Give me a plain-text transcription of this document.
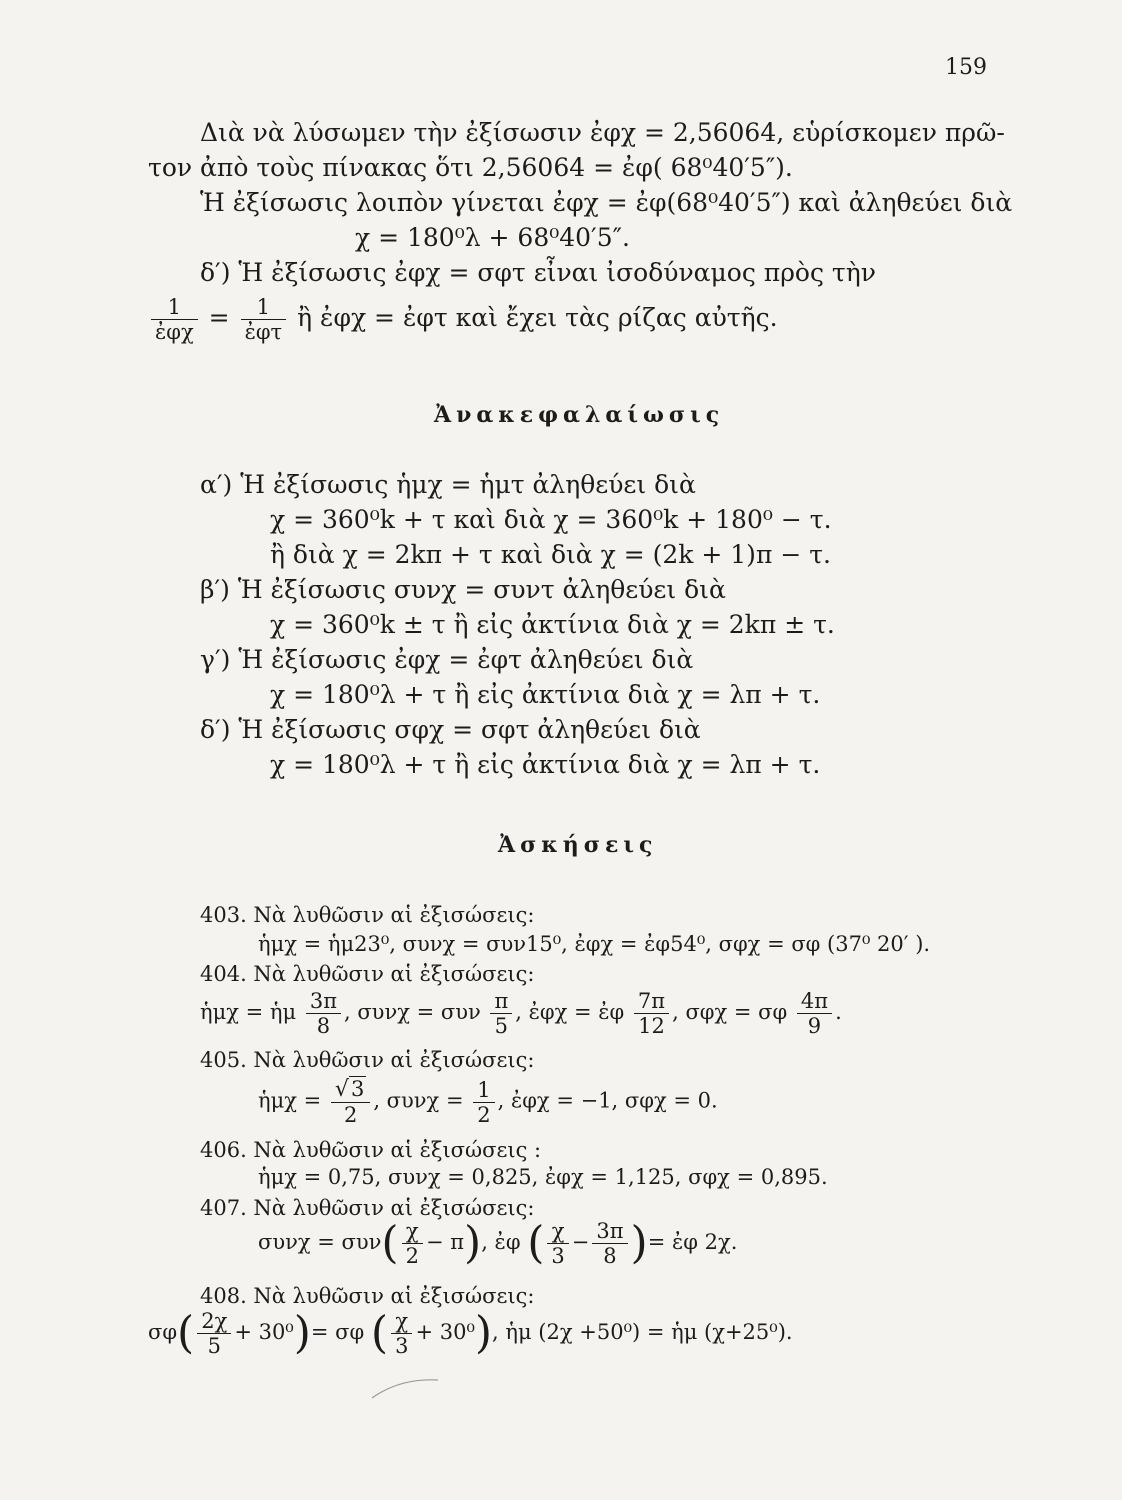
159
Διὰ νὰ λύσωμεν τὴν ἐξίσωσιν ἐφχ = 2,56064, εὑρίσκομεν πρῶ-
τον ἀπὸ τοὺς πίνακας ὅτι 2,56064 = ἐφ( 68⁰40′5″).
Ἡ ἐξίσωσις λοιπὸν γίνεται ἐφχ = ἐφ(68⁰40′5″) καὶ ἀληθεύει διὰ
χ = 180⁰λ + 68⁰40′5″.
δ′) Ἡ ἐξίσωσις ἐφχ = σφτ εἶναι ἰσοδύναμος πρὸς τὴν
$\frac{1}{\text{ἐφχ}} = \frac{1}{\text{ἐφτ}}$ ἢ ἐφχ = ἐφτ καὶ ἔχει τὰς ρίζας αὐτῆς.
Ἀνακεφαλαίωσις
α′) Ἡ ἐξίσωσις ἡμχ = ἡμτ ἀληθεύει διὰ
χ = 360⁰k + τ καὶ διὰ χ = 360⁰k + 180⁰ − τ.
ἢ διὰ χ = 2kπ + τ καὶ διὰ χ = (2k + 1)π − τ.
β′) Ἡ ἐξίσωσις συνχ = συντ ἀληθεύει διὰ
χ = 360⁰k ± τ ἢ εἰς ἀκτίνια διὰ χ = 2kπ ± τ.
γ′) Ἡ ἐξίσωσις ἐφχ = ἐφτ ἀληθεύει διὰ
χ = 180⁰λ + τ ἢ εἰς ἀκτίνια διὰ χ = λπ + τ.
δ′) Ἡ ἐξίσωσις σφχ = σφτ ἀληθεύει διὰ
χ = 180⁰λ + τ ἢ εἰς ἀκτίνια διὰ χ = λπ + τ.
Ἀσκήσεις
403. Νὰ λυθῶσιν αἱ ἐξισώσεις:
ἡμχ = ἡμ23⁰, συνχ = συν15⁰, ἐφχ = ἐφ54⁰, σφχ = σφ (37⁰ 20′ ).
404. Νὰ λυθῶσιν αἱ ἐξισώσεις:
ἡμχ = ἡμ $\frac{3\pi}{8}$ , συνχ = συν $\frac{\pi}{5}$ , ἐφχ = ἐφ $\frac{7\pi}{12}$ , σφχ = σφ $\frac{4\pi}{9}$ .
405. Νὰ λυθῶσιν αἱ ἐξισώσεις:
ἡμχ = $\frac{√3}{2}$ , $\sigma\upsilon\nu\chi = \frac{1}{2}$ , ἐφχ = −1, σφχ = 0.
406. Νὰ λυθῶσιν αἱ ἐξισώσεις :
ἡμχ = 0,75, συνχ = 0,825, ἐφχ = 1,125, σφχ = 0,895.
407. Νὰ λυθῶσιν αἱ ἐξισώσεις:
$\sigma\upsilon\nu\chi = \sigma\upsilon\nu( \frac{\chi}{2} - \pi)$, ἐφ ( $\frac{\chi}{3} - \frac{3\pi}{8}$ )= ἐφ 2χ.
408. Νὰ λυθῶσιν αἱ ἐξισώσεις:
$\sigma\varphi( \frac{2\chi}{5} + 30^0)= \sigma\varphi$ ( $\frac{\chi}{3} + 30^0$), ἡμ (2χ +50⁰) = ἡμ (χ+25⁰).
